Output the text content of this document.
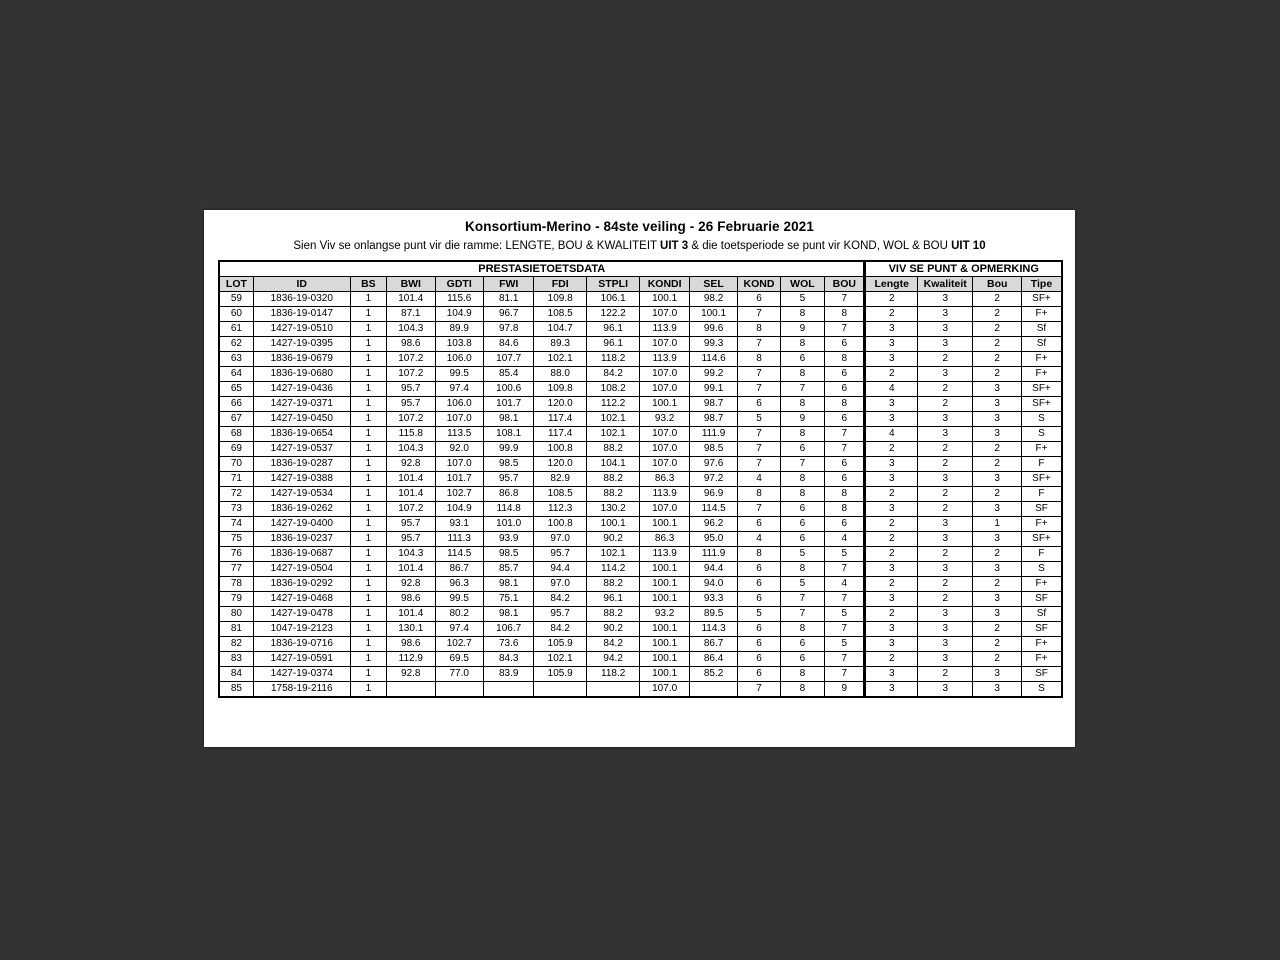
Konsortium-Merino - 84ste veiling - 26 Februarie 2021
Sien Viv se onlangse punt vir die ramme: LENGTE, BOU & KWALITEIT UIT 3 & die toetsperiode se punt vir KOND, WOL & BOU UIT 10
PRESTASIETOETSDATA													VIV SE PUNT & OPMERKING			
LOT	ID	BS	BWI	GDTI	FWI	FDI	STPLI	KONDI	SEL	KOND	WOL	BOU	Lengte	Kwaliteit	Bou	Tipe
59	1836-19-0320	1	101.4	115.6	81.1	109.8	106.1	100.1	98.2	6	5	7	2	3	2	SF+
60	1836-19-0147	1	87.1	104.9	96.7	108.5	122.2	107.0	100.1	7	8	8	2	3	2	F+
61	1427-19-0510	1	104.3	89.9	97.8	104.7	96.1	113.9	99.6	8	9	7	3	3	2	Sf
62	1427-19-0395	1	98.6	103.8	84.6	89.3	96.1	107.0	99.3	7	8	6	3	3	2	Sf
63	1836-19-0679	1	107.2	106.0	107.7	102.1	118.2	113.9	114.6	8	6	8	3	2	2	F+
64	1836-19-0680	1	107.2	99.5	85.4	88.0	84.2	107.0	99.2	7	8	6	2	3	2	F+
65	1427-19-0436	1	95.7	97.4	100.6	109.8	108.2	107.0	99.1	7	7	6	4	2	3	SF+
66	1427-19-0371	1	95.7	106.0	101.7	120.0	112.2	100.1	98.7	6	8	8	3	2	3	SF+
67	1427-19-0450	1	107.2	107.0	98.1	117.4	102.1	93.2	98.7	5	9	6	3	3	3	S
68	1836-19-0654	1	115.8	113.5	108.1	117.4	102.1	107.0	111.9	7	8	7	4	3	3	S
69	1427-19-0537	1	104.3	92.0	99.9	100.8	88.2	107.0	98.5	7	6	7	2	2	2	F+
70	1836-19-0287	1	92.8	107.0	98.5	120.0	104.1	107.0	97.6	7	7	6	3	2	2	F
71	1427-19-0388	1	101.4	101.7	95.7	82.9	88.2	86.3	97.2	4	8	6	3	3	3	SF+
72	1427-19-0534	1	101.4	102.7	86.8	108.5	88.2	113.9	96.9	8	8	8	2	2	2	F
73	1836-19-0262	1	107.2	104.9	114.8	112.3	130.2	107.0	114.5	7	6	8	3	2	3	SF
74	1427-19-0400	1	95.7	93.1	101.0	100.8	100.1	100.1	96.2	6	6	6	2	3	1	F+
75	1836-19-0237	1	95.7	111.3	93.9	97.0	90.2	86.3	95.0	4	6	4	2	3	3	SF+
76	1836-19-0687	1	104.3	114.5	98.5	95.7	102.1	113.9	111.9	8	5	5	2	2	2	F
77	1427-19-0504	1	101.4	86.7	85.7	94.4	114.2	100.1	94.4	6	8	7	3	3	3	S
78	1836-19-0292	1	92.8	96.3	98.1	97.0	88.2	100.1	94.0	6	5	4	2	2	2	F+
79	1427-19-0468	1	98.6	99.5	75.1	84.2	96.1	100.1	93.3	6	7	7	3	2	3	SF
80	1427-19-0478	1	101.4	80.2	98.1	95.7	88.2	93.2	89.5	5	7	5	2	3	3	Sf
81	1047-19-2123	1	130.1	97.4	106.7	84.2	90.2	100.1	114.3	6	8	7	3	3	2	SF
82	1836-19-0716	1	98.6	102.7	73.6	105.9	84.2	100.1	86.7	6	6	5	3	3	2	F+
83	1427-19-0591	1	112.9	69.5	84.3	102.1	94.2	100.1	86.4	6	6	7	2	3	2	F+
84	1427-19-0374	1	92.8	77.0	83.9	105.9	118.2	100.1	85.2	6	8	7	3	2	3	SF
85	1758-19-2116	1						107.0		7	8	9	3	3	3	S
